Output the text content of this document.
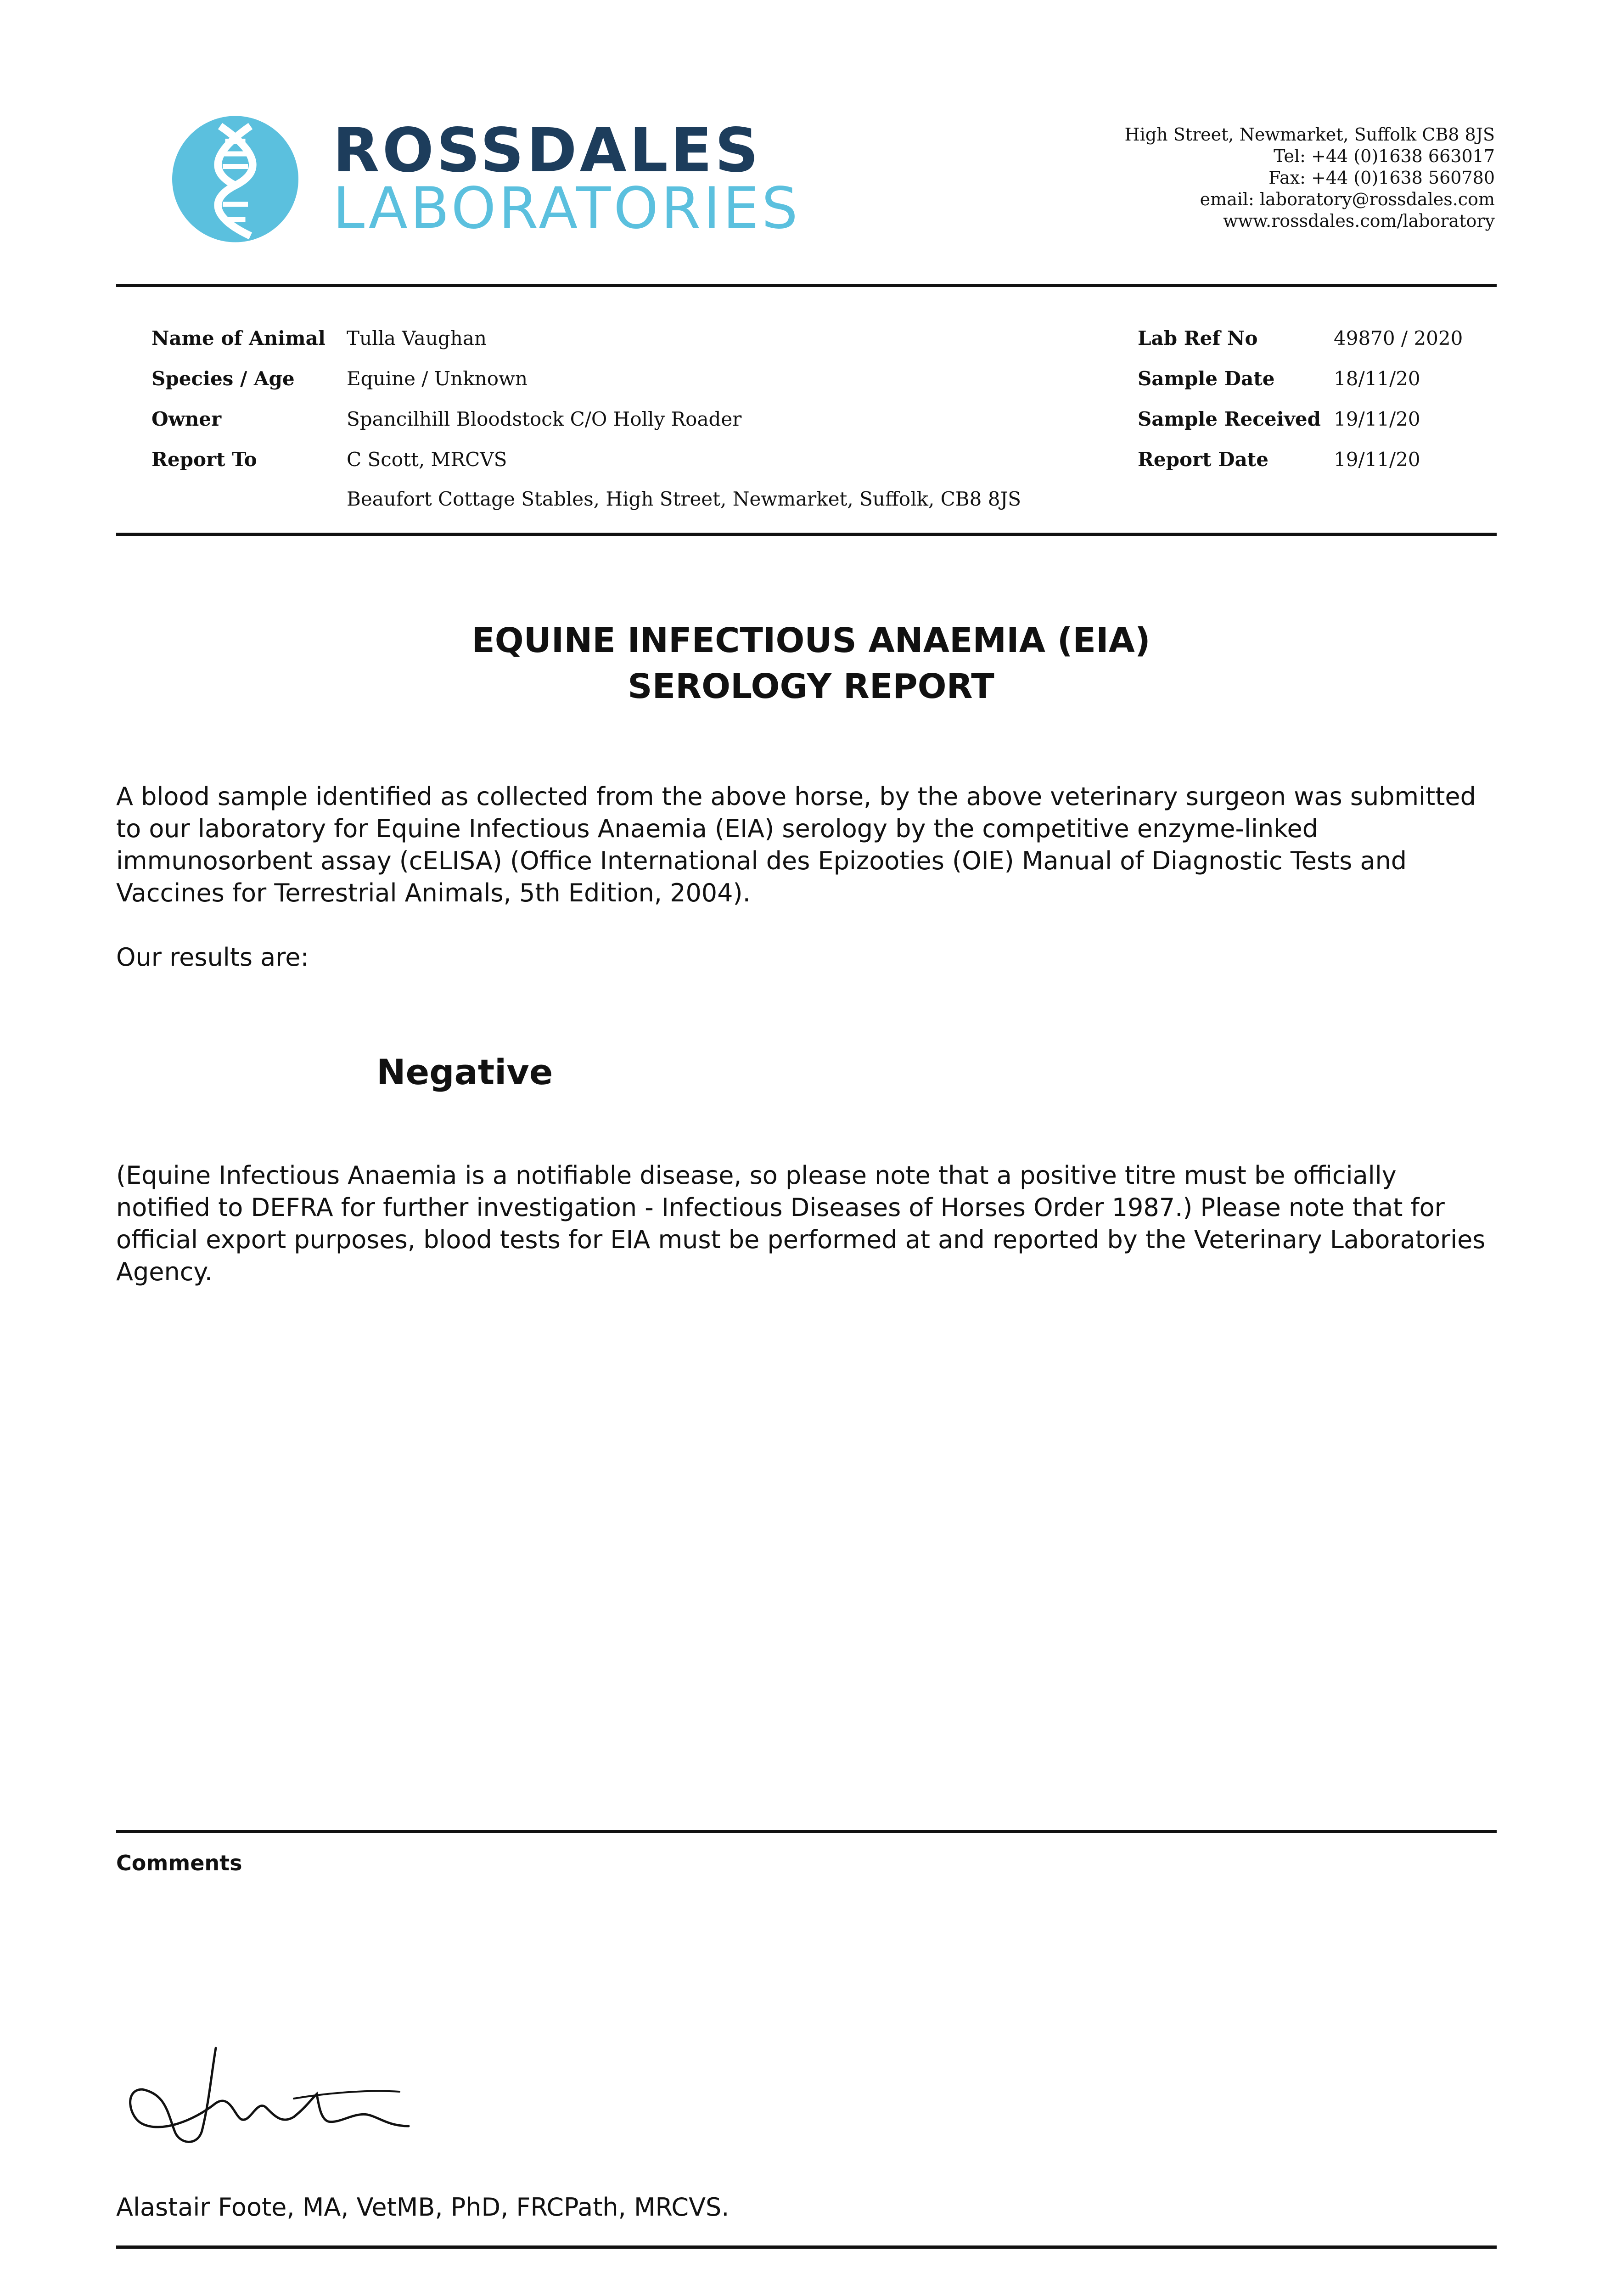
ROSSDALES
LABORATORIES
High Street, Newmarket, Suffolk CB8 8JS
Tel: +44 (0)1638 663017
Fax: +44 (0)1638 560780
email: laboratory@rossdales.com
www.rossdales.com/laboratory
Name of Animal Tulla Vaughan
Species / Age	Equine / Unknown
Owner	Spancilhill Bloodstock C/O Holly Roader
Report To	C Scott, MRCVS
Beaufort Cottage Stables, High Street, Newmarket, Suffolk, CB8 8JS
Lab Ref No	49870 / 2020
Sample Date	18/11/20
Sample Received 19/11/20
Report Date	19/11/20
EQUINE INFECTIOUS ANAEMIA (EIA)
SEROLOGY REPORT
A blood sample identified as collected from the above horse, by the above veterinary surgeon was submitted to our laboratory for Equine Infectious Anaemia (EIA) serology by the competitive enzyme-linked immunosorbent assay (cELISA) (Office International des Epizooties (OIE) Manual of Diagnostic Tests and Vaccines for Terrestrial Animals, 5th Edition, 2004).
Our results are:
Negative
(Equine Infectious Anaemia is a notifiable disease, so please note that a positive titre must be officially notified to DEFRA for further investigation - Infectious Diseases of Horses Order 1987.) Please note that for official export purposes, blood tests for EIA must be performed at and reported by the Veterinary Laboratories Agency.
Comments
Alastair Foote, MA, VetMB, PhD, FRCPath, MRCVS.
